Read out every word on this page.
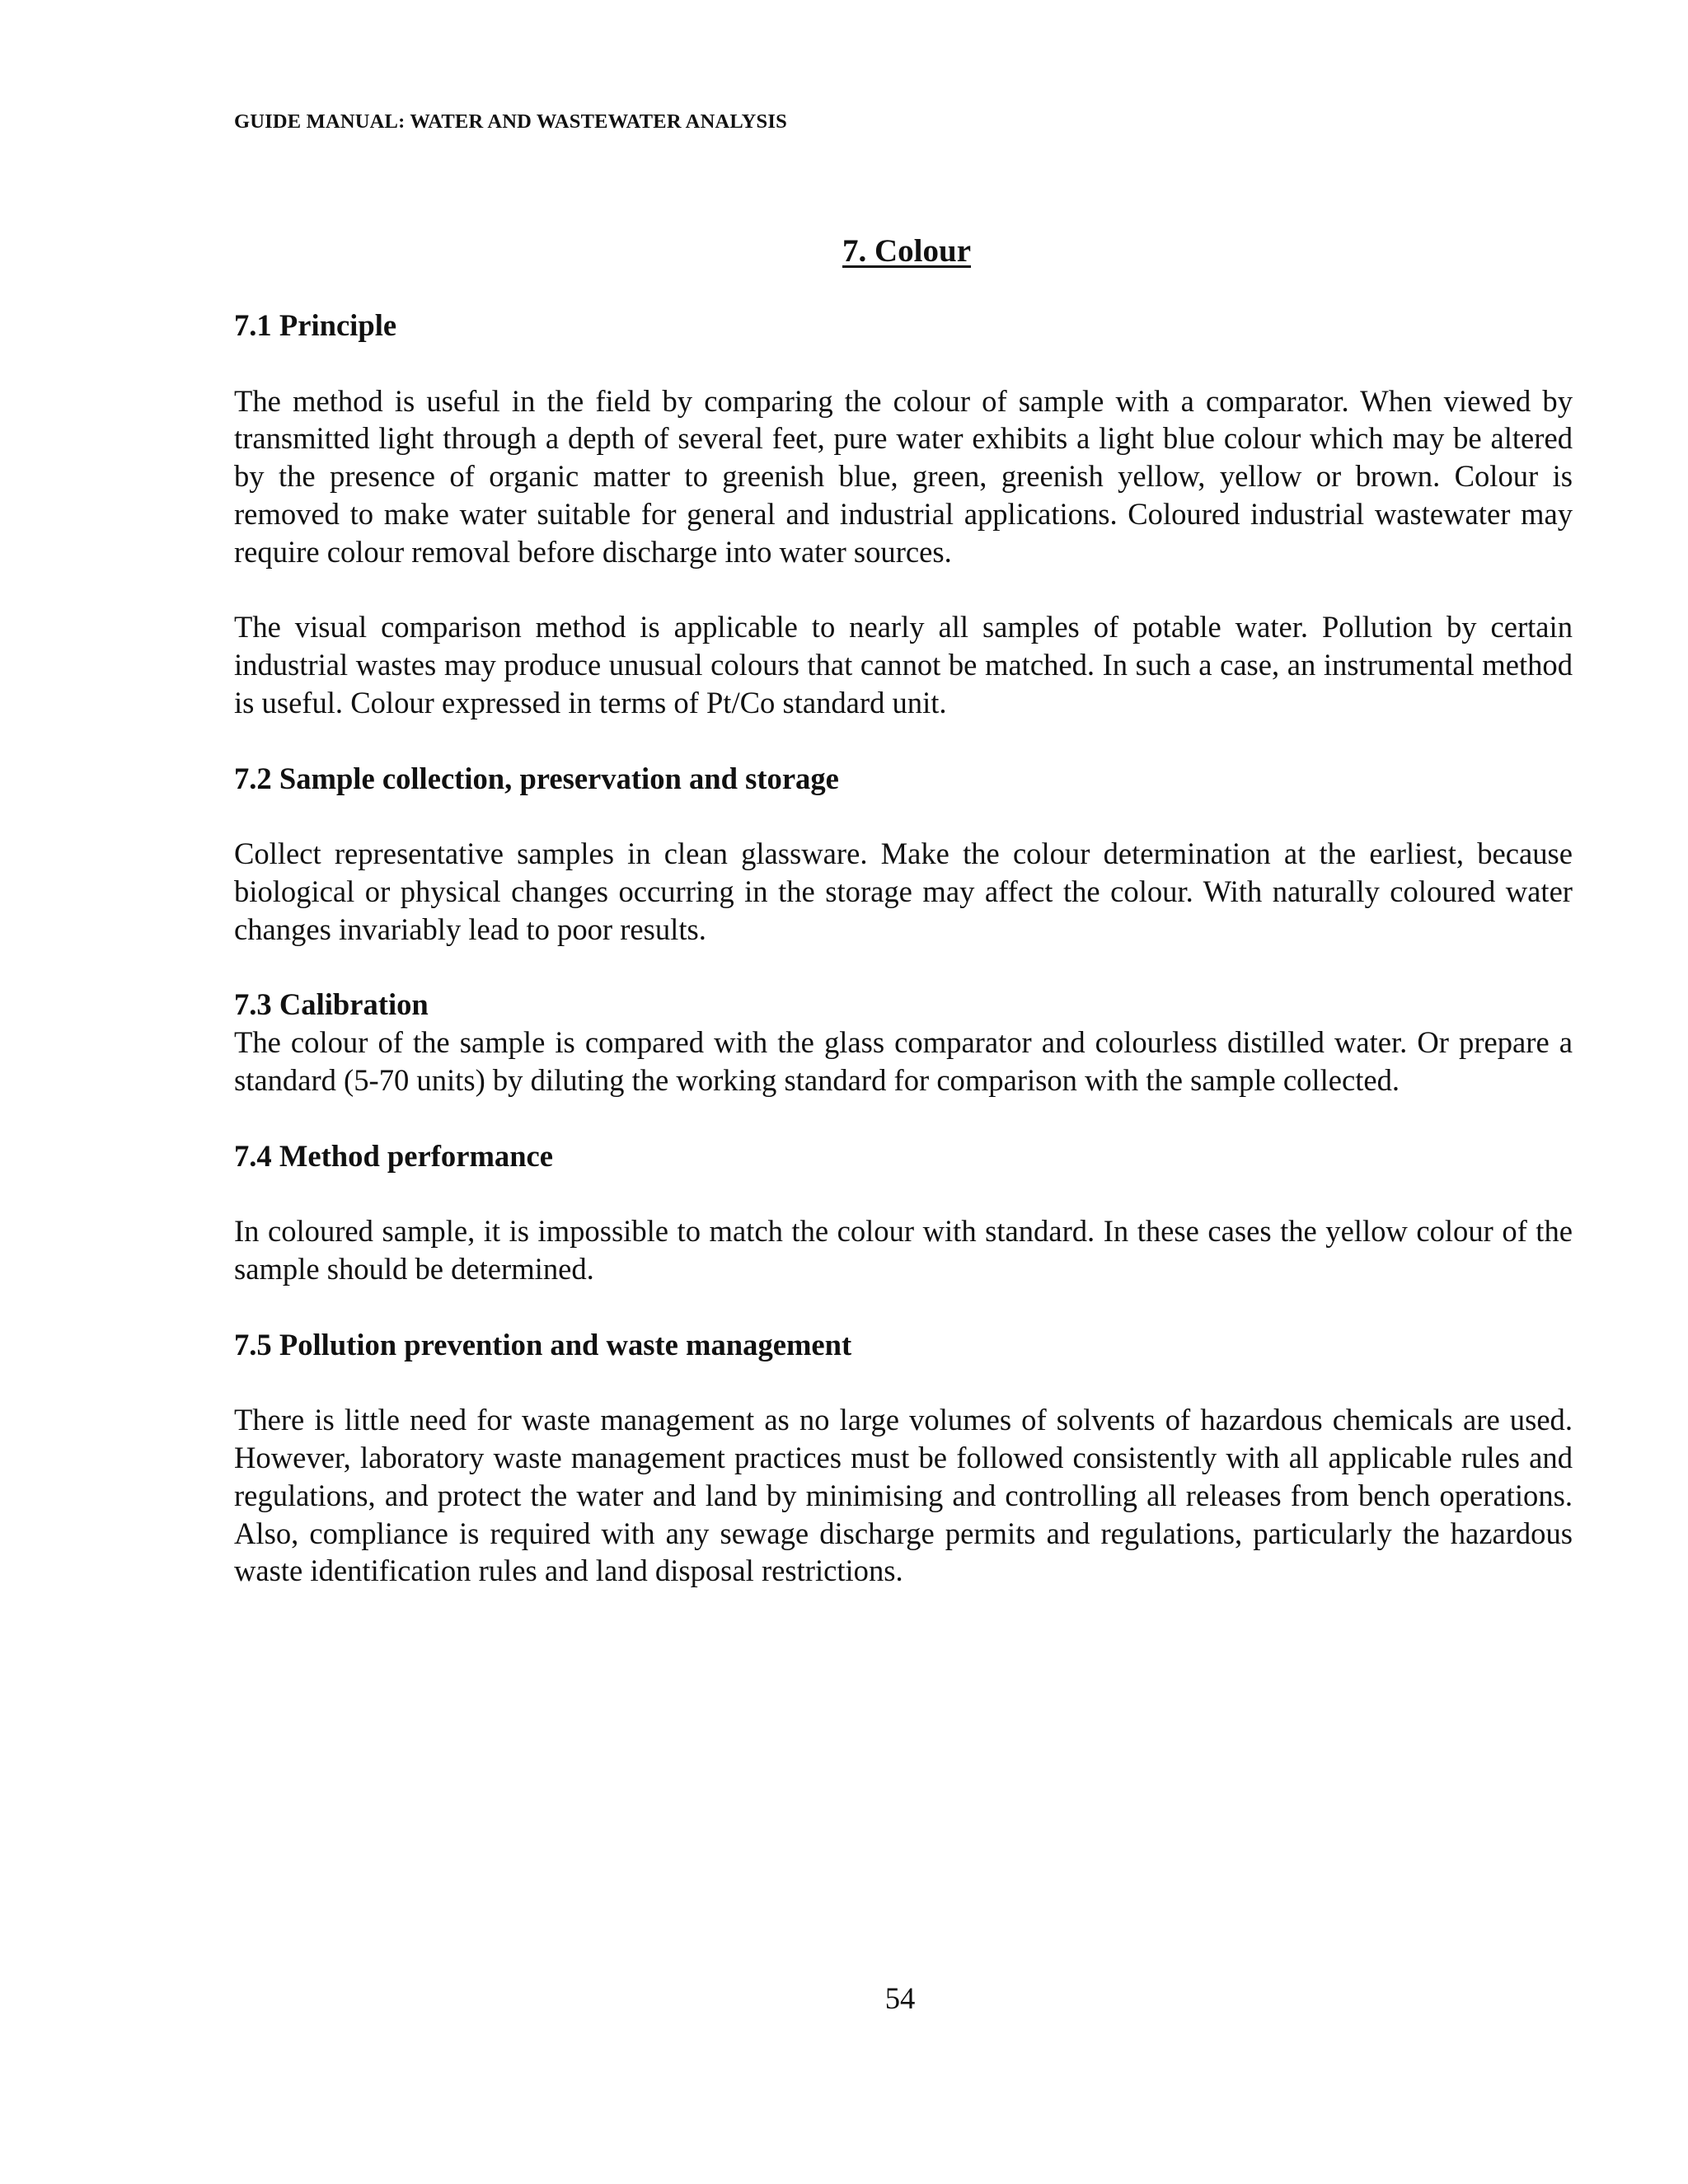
GUIDE MANUAL: WATER AND WASTEWATER ANALYSIS
7. Colour

7.1 Principle

The method is useful in the field by comparing the colour of sample with a comparator. When viewed by transmitted light through a depth of several feet, pure water exhibits a light blue colour which may be altered by the presence of organic matter to greenish blue, green, greenish yellow, yellow or brown. Colour is removed to make water suitable for general and industrial applications. Coloured industrial wastewater may require colour removal before discharge into water sources.

The visual comparison method is applicable to nearly all samples of potable water. Pollution by certain industrial wastes may produce unusual colours that cannot be matched. In such a case, an instrumental method is useful. Colour expressed in terms of Pt/Co standard unit.

7.2 Sample collection, preservation and storage

Collect representative samples in clean glassware. Make the colour determination at the earliest, because biological or physical changes occurring in the storage may affect the colour. With naturally coloured water changes invariably lead to poor results.

7.3 Calibration

The colour of the sample is compared with the glass comparator and colourless distilled water. Or prepare a standard (5-70 units) by diluting the working standard for comparison with the sample collected.

7.4 Method performance

In coloured sample, it is impossible to match the colour with standard. In these cases the yellow colour of the sample should be determined.

7.5 Pollution prevention and waste management

There is little need for waste management as no large volumes of solvents of hazardous chemicals are used. However, laboratory waste management practices must be followed consistently with all applicable rules and regulations, and protect the water and land by minimising and controlling all releases from bench operations. Also, compliance is required with any sewage discharge permits and regulations, particularly the hazardous waste identification rules and land disposal restrictions.

54
